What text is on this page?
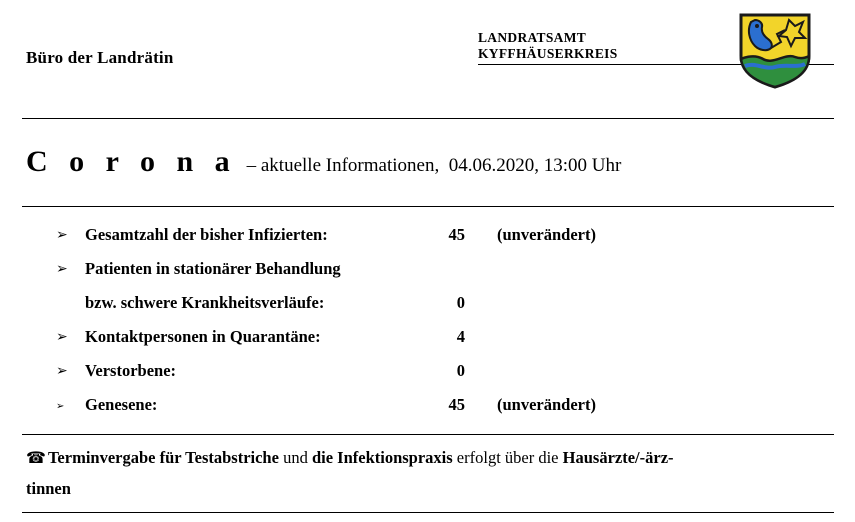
Büro der Landrätin
LANDRATSAMT
KYFFHÄUSERKREIS
C o r o n a – aktuelle Informationen,  04.06.2020, 13:00 Uhr
➢ Gesamtzahl der bisher Infizierten:	45 (unverändert)
➢ Patienten in stationärer Behandlung
bzw. schwere Krankheitsverläufe:	0
➢ Kontaktpersonen in Quarantäne:	4
➢ Verstorbene:	0
➢ Genesene:	45 (unverändert)
☎ Terminvergabe für Testabstriche und die Infektionspraxis erfolgt über die Hausärzte/-ärz-
tinnen
